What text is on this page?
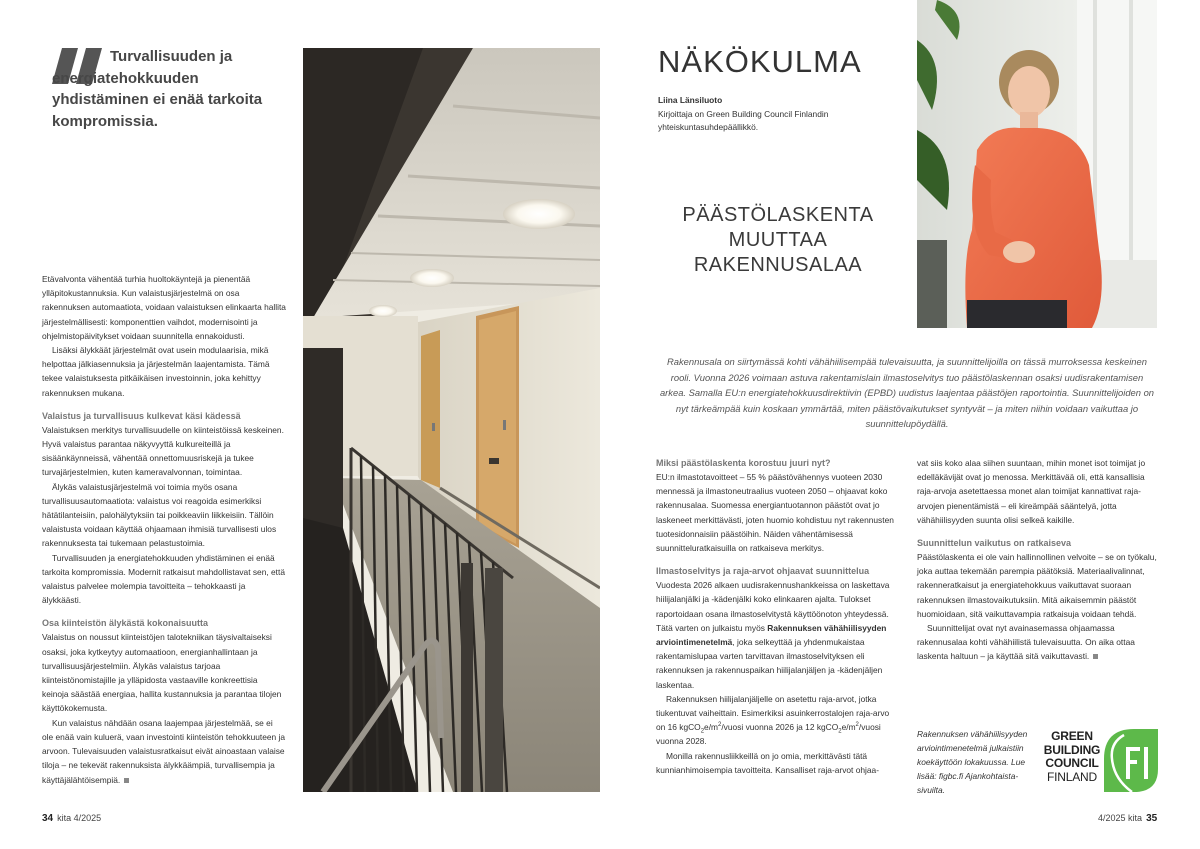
Turvallisuuden ja energiatehokkuuden yhdistäminen ei enää tarkoita kompromissia.

Etävalvonta vähentää turhia huoltokäyntejä ja pienentää ylläpitokustannuksia. Kun valaistusjärjestelmä on osa rakennuksen automaatiota, voidaan valaistuksen elinkaarta hallita järjestelmällisesti: komponenttien vaihdot, modernisointi ja ohjelmistopäivitykset voidaan suunnitella ennakoidusti.

Lisäksi älykkäät järjestelmät ovat usein modulaarisia, mikä helpottaa jälkiasennuksia ja järjestelmän laajentamista. Tämä tekee valaistuksesta pitkäikäisen investoinnin, joka kehittyy rakennuksen mukana.

Valaistus ja turvallisuus kulkevat käsi kädessä

Valaistuksen merkitys turvallisuudelle on kiinteistöissä keskeinen. Hyvä valaistus parantaa näkyvyyttä kulkureiteillä ja sisäänkäynneissä, vähentää onnettomuusriskejä ja tukee turvajärjestelmien, kuten kameravalvonnan, toimintaa.

Älykäs valaistusjärjestelmä voi toimia myös osana turvallisuusautomaatiota: valaistus voi reagoida esimerkiksi hätätilanteisiin, palohälytyksiin tai poikkeaviin liikkeisiin. Tällöin valaistusta voidaan käyttää ohjaamaan ihmisiä turvallisesti ulos rakennuksesta tai tukemaan pelastustoimia.

Turvallisuuden ja energiatehokkuuden yhdistäminen ei enää tarkoita kompromissia. Modernit ratkaisut mahdollistavat sen, että valaistus palvelee molempia tavoitteita – tehokkaasti ja älykkäästi.

Osa kiinteistön älykästä kokonaisuutta

Valaistus on noussut kiinteistöjen talotekniikan täysivaltaiseksi osaksi, joka kytkeytyy automaatioon, energianhallintaan ja turvallisuusjärjestelmiin. Älykäs valaistus tarjoaa kiinteistönomistajille ja ylläpidosta vastaaville konkreettisia keinoja säästää energiaa, hallita kustannuksia ja parantaa tilojen käyttökokemusta.

Kun valaistus nähdään osana laajempaa järjestelmää, se ei ole enää vain kuluerä, vaan investointi kiinteistön tehokkuuteen ja arvoon. Tulevaisuuden valaistusratkaisut eivät ainoastaan valaise tiloja – ne tekevät rakennuksista älykkäämpiä, turvallisempia ja käyttäjälähtöisempiä.

34 kita 4/2025
NÄKÖKULMA
Liina Länsiluoto
Kirjoittaja on Green Building Council Finlandin yhteiskuntasuhdepäällikkö.
PÄÄSTÖLASKENTA
MUUTTAA
RAKENNUSALAA
Rakennusala on siirtymässä kohti vähähiilisempää tulevaisuutta, ja suunnittelijoilla on tässä murroksessa keskeinen rooli. Vuonna 2026 voimaan astuva rakentamislain ilmastoselvitys tuo päästölaskennan osaksi uudisrakentamisen arkea. Samalla EU:n energiatehokkuusdirektiivin (EPBD) uudistus laajentaa päästöjen raportointia. Suunnittelijoiden on nyt tärkeämpää kuin koskaan ymmärtää, miten päästövaikutukset syntyvät – ja miten niihin voidaan vaikuttaa jo suunnittelupöydällä.
Miksi päästölaskenta korostuu juuri nyt?

EU:n ilmastotavoitteet – 55 % päästövähennys vuoteen 2030 mennessä ja ilmastoneutraalius vuoteen 2050 – ohjaavat koko rakennusalaa. Suomessa energiantuotannon päästöt ovat jo laskeneet merkittävästi, joten huomio kohdistuu nyt rakennusten tuotesidonnaisiin päästöihin. Näiden vähentämisessä suunnitteluratkaisuilla on ratkaiseva merkitys.

Ilmastoselvitys ja raja-arvot ohjaavat suunnittelua

Vuodesta 2026 alkaen uudisrakennushankkeissa on laskettava hiilijalanjälki ja -kädenjälki koko elinkaaren ajalta. Tulokset raportoidaan osana ilmastoselvitystä käyttöönoton yhteydessä. Tätä varten on julkaistu myös Rakennuksen vähähiilisyyden arviointimenetelmä, joka selkeyttää ja yhdenmukaistaa rakentamislupaa varten tarvittavan ilmastoselvityksen eli rakennuksen ja rakennuspaikan hiilijalanjäljen ja -kädenjäljen laskentaa.

Rakennuksen hiilijalanjäljelle on asetettu raja-arvot, jotka tiukentuvat vaiheittain. Esimerkiksi asuinkerrostalojen raja-arvo on 16 $kgCO_2e/m^2$/vuosi vuonna 2026 ja 12 $kgCO_2e/m^2$/vuosi vuonna 2028.

Monilla rakennusliikkeillä on jo omia, merkittävästi tätä kunnianhimoisempia tavoitteita. Kansalliset raja-arvot ohjaa-

vat siis koko alaa siihen suuntaan, mihin monet isot toimijat jo edelläkävijät ovat jo menossa. Merkittävää oli, että kansallisia raja-arvoja asetettaessa monet alan toimijat kannattivat raja-arvojen pienentämistä – eli kireämpää sääntelyä, jotta vähähiilisyyden suunta olisi selkeä kaikille.

Suunnittelun vaikutus on ratkaiseva

Päästölaskenta ei ole vain hallinnollinen velvoite – se on työkalu, joka auttaa tekemään parempia päätöksiä. Materiaalivalinnat, rakenneratkaisut ja energiatehokkuus vaikuttavat suoraan rakennuksen ilmastovaikutuksiin. Mitä aikaisemmin päästöt huomioidaan, sitä vaikuttavampia ratkaisuja voidaan tehdä.

Suunnittelijat ovat nyt avainasemassa ohjaamassa rakennusalaa kohti vähähiilistä tulevaisuutta. On aika ottaa laskenta haltuun – ja käyttää sitä vaikuttavasti.

Rakennuksen vähähiilisyyden arviointimenetelmä julkaistiin koekäyttöön lokakuussa. Lue lisää: figbc.fi Ajankohtaista-sivuilta.
GREEN
BUILDING
COUNCIL
FINLAND
4/2025 kita 35
